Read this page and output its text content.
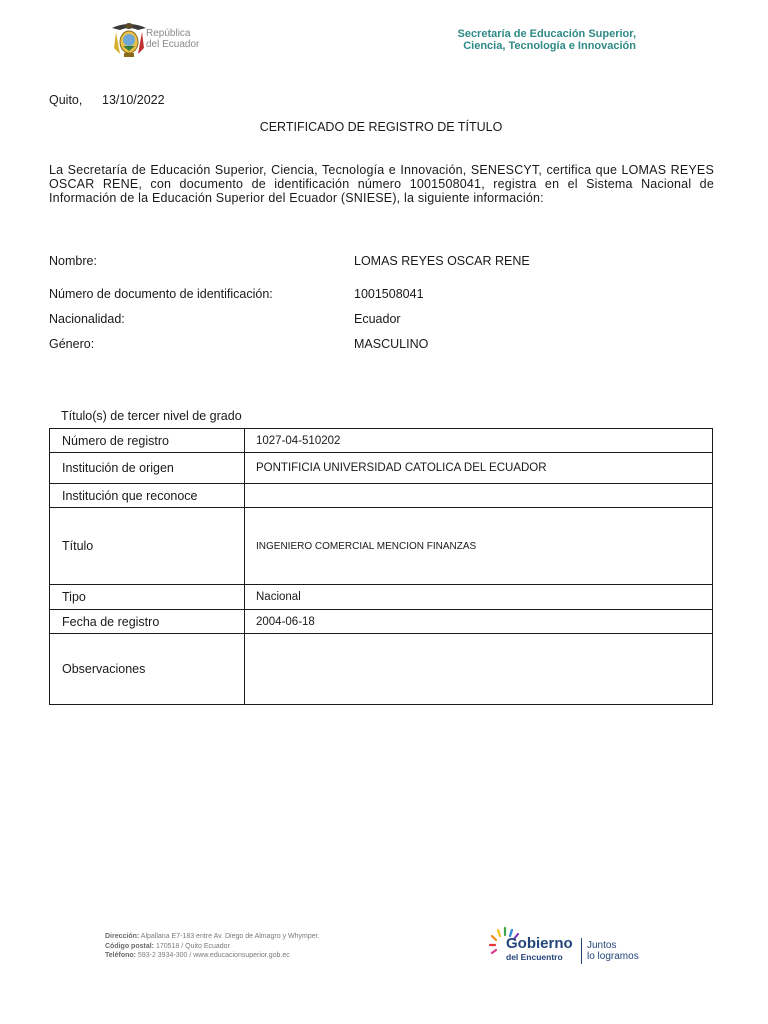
República
del Ecuador
Secretaría de Educación Superior,
Ciencia, Tecnología e Innovación
Quito, 13/10/2022
CERTIFICADO DE REGISTRO DE TÍTULO
La Secretaría de Educación Superior, Ciencia, Tecnología e Innovación, SENESCYT, certifica que LOMAS REYES OSCAR RENE, con documento de identificación número 1001508041, registra en el Sistema Nacional de Información de la Educación Superior del Ecuador (SNIESE), la siguiente información:
Nombre:	LOMAS REYES OSCAR RENE
Número de documento de identificación:	1001508041
Nacionalidad:	Ecuador
Género:	MASCULINO
Título(s) de tercer nivel de grado
Número de registro	1027-04-510202
Institución de origen	PONTIFICIA UNIVERSIDAD CATOLICA DEL ECUADOR
Institución que reconoce	
Título	INGENIERO COMERCIAL MENCION FINANZAS
Tipo	Nacional
Fecha de registro	2004-06-18
Observaciones	
Dirección: Alpallana E7-183 entre Av. Diego de Almagro y Whymper.
Código postal: 170518 / Quito Ecuador
Teléfono: 593-2 3934-300 / www.educacionsuperior.gob.ec
Gobierno
del Encuentro
Juntos
lo logramos
